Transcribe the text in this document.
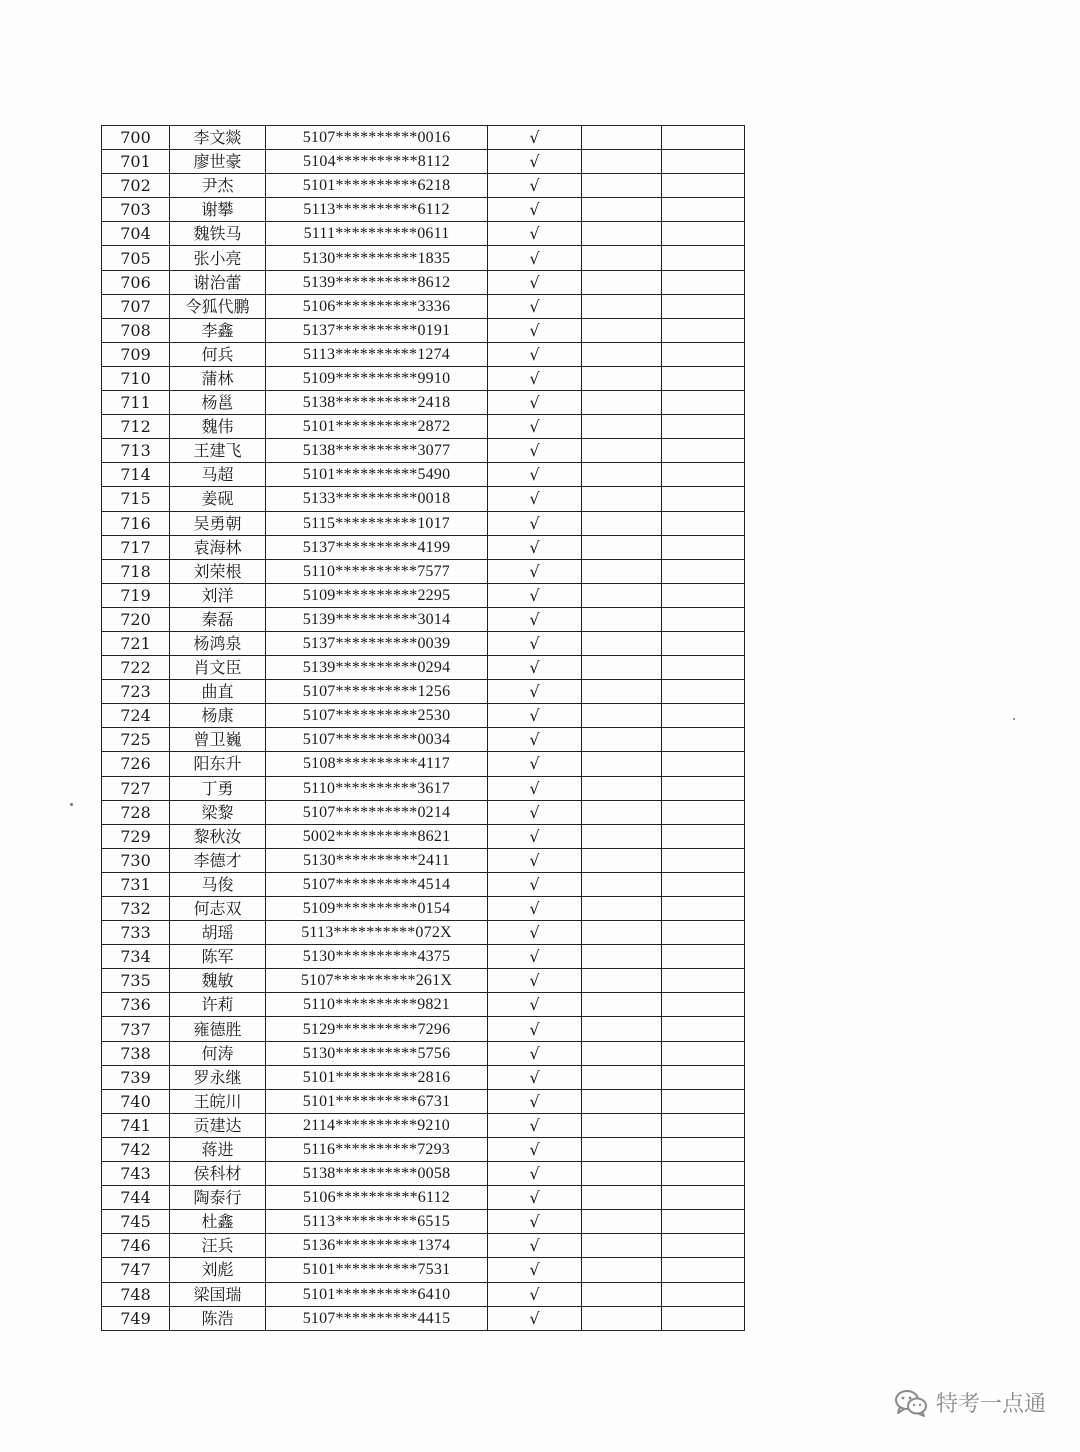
700	李文燚	5107**********0016	√		
701	廖世豪	5104**********8112	√		
702	尹杰	5101**********6218	√		
703	谢攀	5113**********6112	√		
704	魏铁马	5111**********0611	√		
705	张小亮	5130**********1835	√		
706	谢治蕾	5139**********8612	√		
707	令狐代鹏	5106**********3336	√		
708	李鑫	5137**********0191	√		
709	何兵	5113**********1274	√		
710	蒲林	5109**********9910	√		
711	杨邕	5138**********2418	√		
712	魏伟	5101**********2872	√		
713	王建飞	5138**********3077	√		
714	马超	5101**********5490	√		
715	姜砚	5133**********0018	√		
716	吴勇朝	5115**********1017	√		
717	袁海林	5137**********4199	√		
718	刘荣根	5110**********7577	√		
719	刘洋	5109**********2295	√		
720	秦磊	5139**********3014	√		
721	杨鸿泉	5137**********0039	√		
722	肖文臣	5139**********0294	√		
723	曲直	5107**********1256	√		
724	杨康	5107**********2530	√		
725	曾卫巍	5107**********0034	√		
726	阳东升	5108**********4117	√		
727	丁勇	5110**********3617	√		
728	梁黎	5107**********0214	√		
729	黎秋汝	5002**********8621	√		
730	李德才	5130**********2411	√		
731	马俊	5107**********4514	√		
732	何志双	5109**********0154	√		
733	胡瑶	5113**********072X	√		
734	陈军	5130**********4375	√		
735	魏敏	5107**********261X	√		
736	许莉	5110**********9821	√		
737	雍德胜	5129**********7296	√		
738	何涛	5130**********5756	√		
739	罗永继	5101**********2816	√		
740	王皖川	5101**********6731	√		
741	贡建达	2114**********9210	√		
742	蒋进	5116**********7293	√		
743	侯科材	5138**********0058	√		
744	陶泰行	5106**********6112	√		
745	杜鑫	5113**********6515	√		
746	汪兵	5136**********1374	√		
747	刘彪	5101**********7531	√		
748	梁国瑞	5101**********6410	√		
749	陈浩	5107**********4415	√		
特考一点通
